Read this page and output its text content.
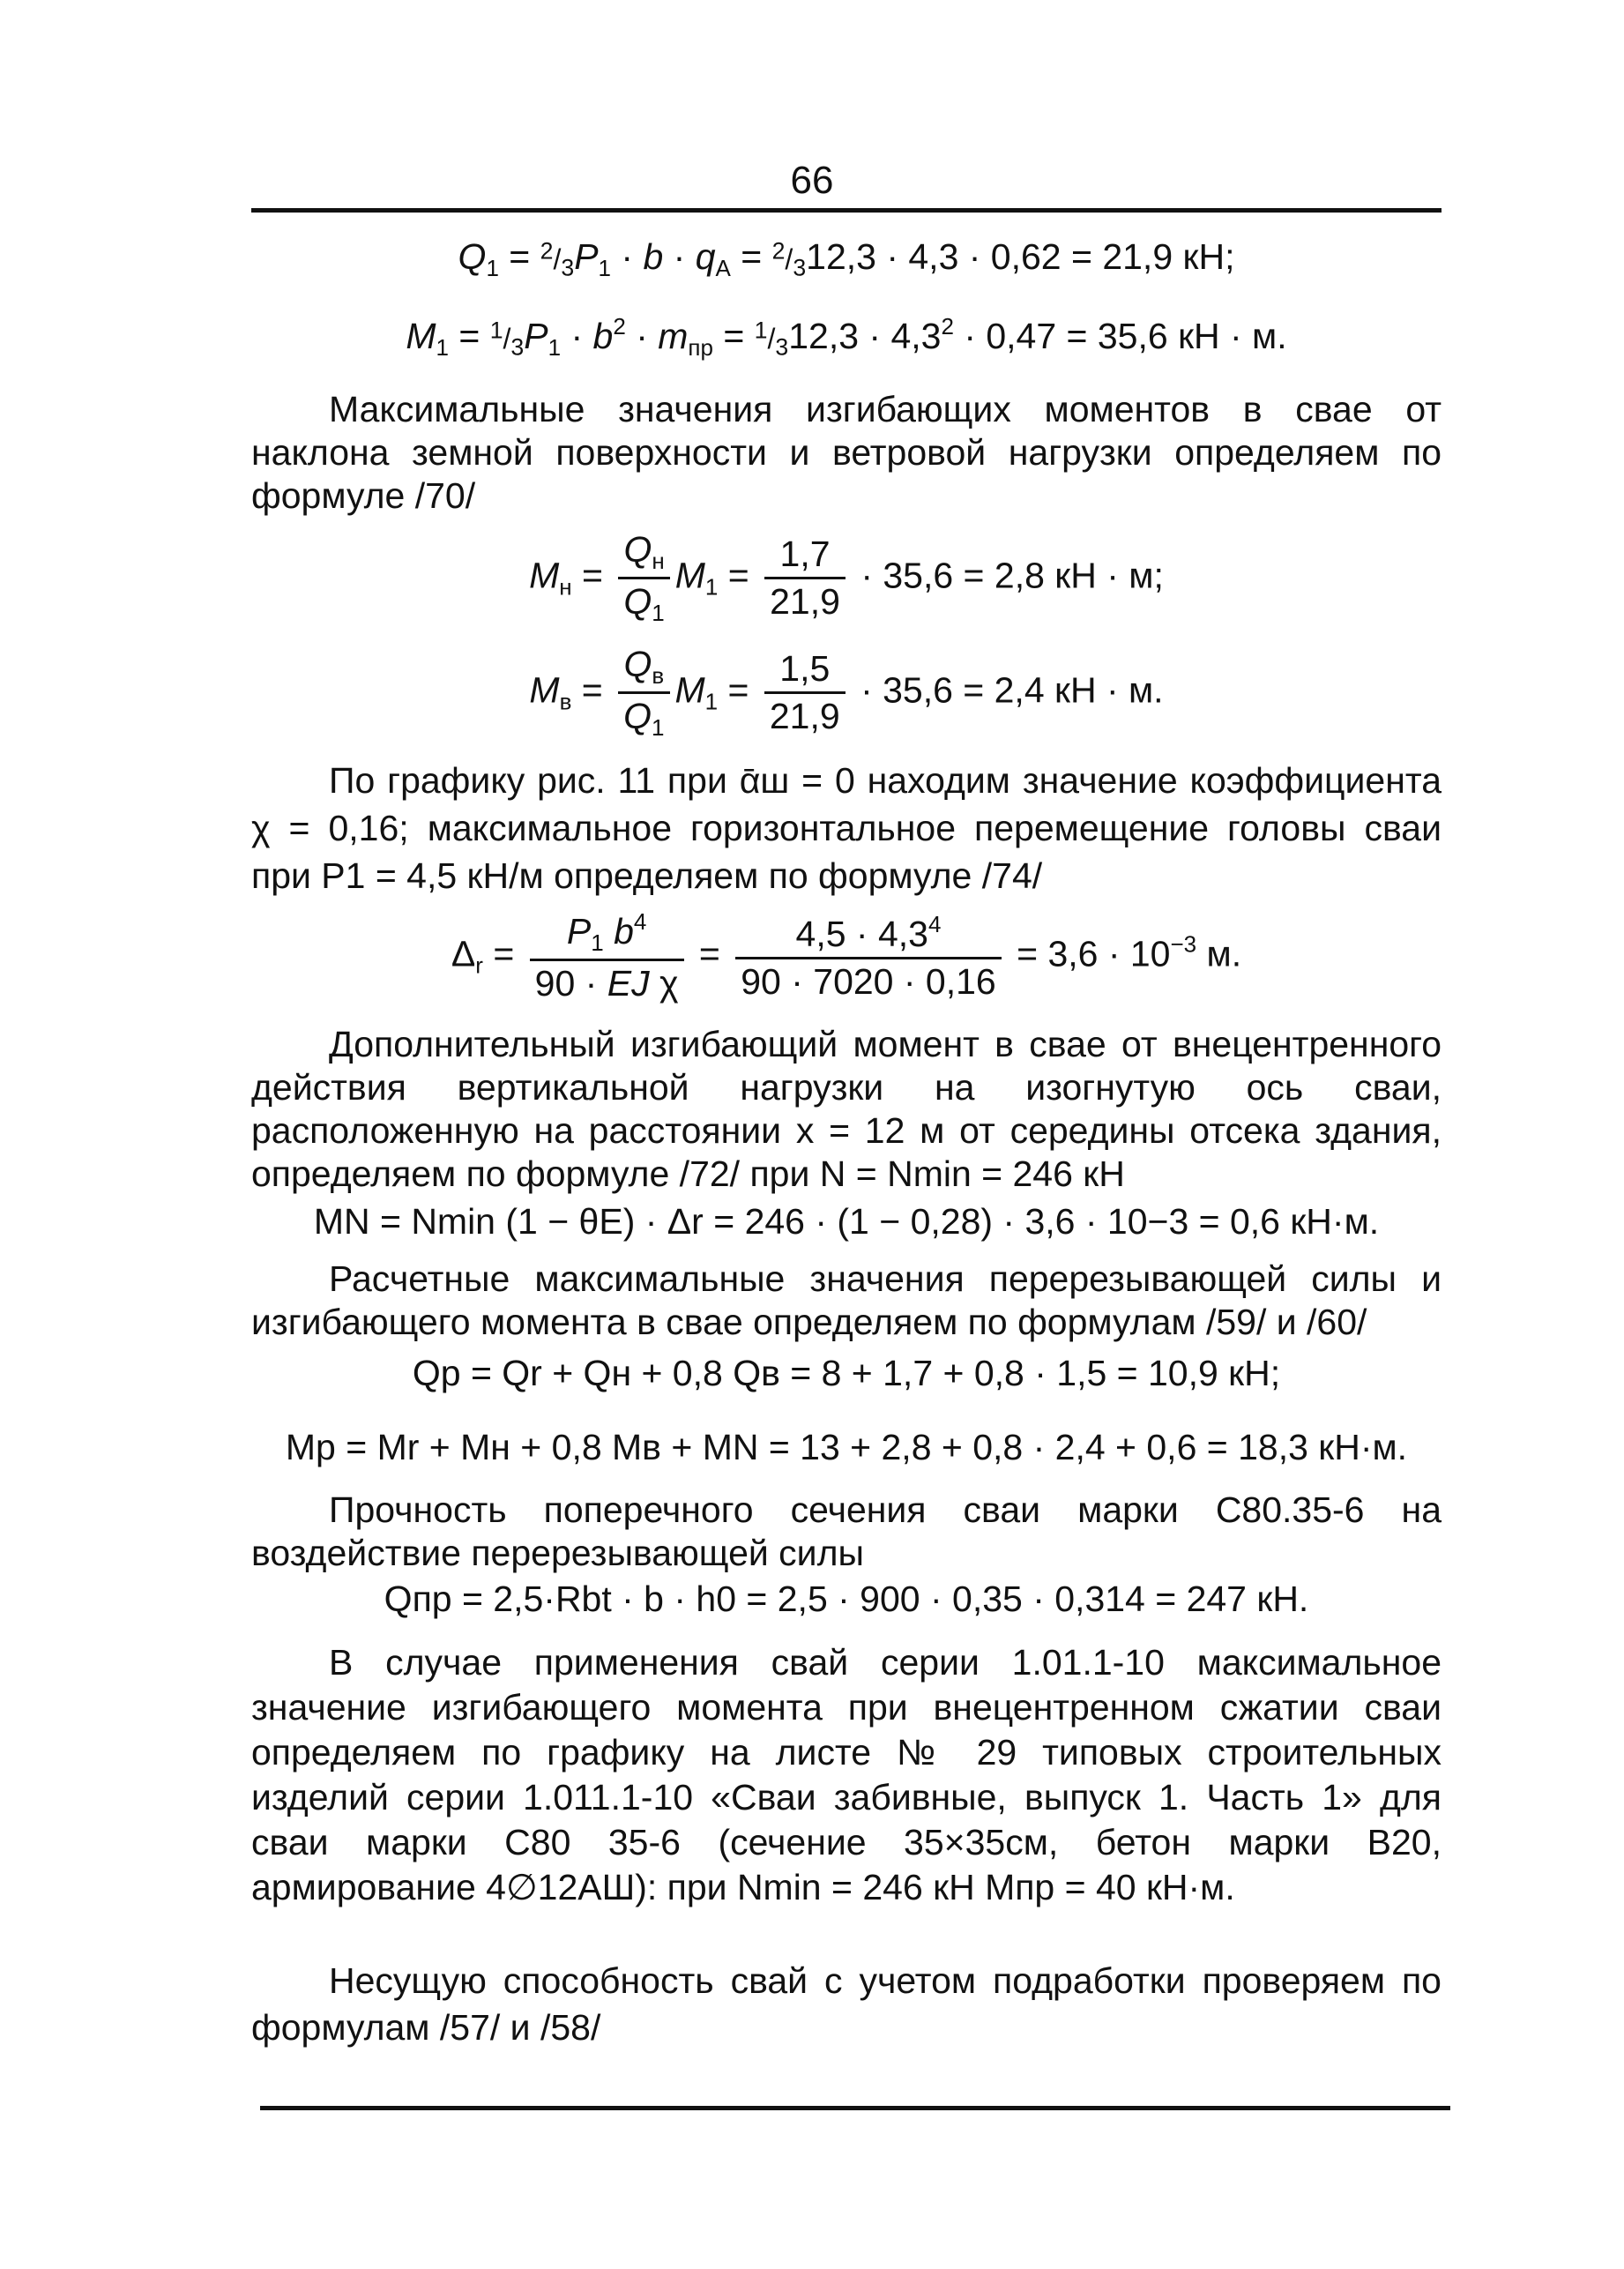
66
$Q_1 = ^2/_3P_1 \cdot b \cdot q_A = ^2/_312,3 \cdot 4,3 \cdot 0,62 = 21,9$ кН;
$M_1 = ^1/_3P_1 \cdot b^2 \cdot m_{пр} = ^1/_312,3 \cdot 4,3^2 \cdot 0,47 = 35,6$ кН · м.
Максимальные значения изгибающих моментов в свае от наклона земной поверхности и ветровой нагрузки определяем по формуле /70/
$M_н = \frac{Q_н}{Q_1} M_1 = \frac{1,7}{21,9} \cdot 35,6 = 2,8$ кН · м;
$M_в = \frac{Q_в}{Q_1} M_1 = \frac{1,5}{21,9} \cdot 35,6 = 2,4$ кН · м.
По графику рис. 11 при ᾱш = 0 находим значение коэффициента χ = 0,16; максимальное горизонтальное перемещение головы сваи при P1 = 4,5 кН/м определяем по формуле /74/
$\Delta_r = \frac{P_1 b^4}{\text{90 · EJ χ}} = \frac{4,5 \cdot 4,3^4}{90 \cdot 7020 \cdot 0,16} = 3,6 \cdot 10^{-3}$ м.
Дополнительный изгибающий момент в свае от внецентренного действия вертикальной нагрузки на изогнутую ось сваи, расположенную на расстоянии x = 12 м от середины отсека здания, определяем по формуле /72/ при N = Nmin = 246 кН
MN = Nmin (1 − θE) · Δr = 246 · (1 − 0,28) · 3,6 · 10−3 = 0,6 кН·м.
Расчетные максимальные значения перерезывающей силы и изгибающего момента в свае определяем по формулам /59/ и /60/
Qp = Qr + Qн + 0,8 Qв = 8 + 1,7 + 0,8 · 1,5 = 10,9 кН;
Mp = Mr + Mн + 0,8 Mв + MN = 13 + 2,8 + 0,8 · 2,4 + 0,6 = 18,3 кН·м.
Прочность поперечного сечения сваи марки С80.35-6 на воздействие перерезывающей силы
Qпр = 2,5·Rbt · b · h0 = 2,5 · 900 · 0,35 · 0,314 = 247 кН.
В случае применения свай серии 1.01.1-10 максимальное значение изгибающего момента при внецентренном сжатии сваи определяем по графику на листе № 29 типовых строительных изделий серии 1.011.1-10 «Сваи забивные, выпуск 1. Часть 1» для сваи марки С80 35-6 (сечение 35×35см, бетон марки В20, армирование 4∅12АШ): при Nmin = 246 кН Mпр = 40 кН·м.
Несущую способность свай с учетом подработки проверяем по формулам /57/ и /58/
